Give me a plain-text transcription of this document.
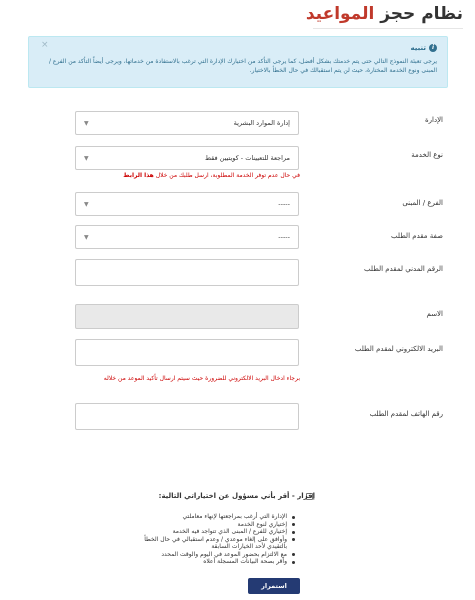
نظام حجز المواعيد
i
تنبيه
يرجى تعبئة النموذج التالي حتى يتم خدمتك بشكل أفضل، كما يرجى التأكد من اختيارك الإدارة التي ترغب بالاستفادة من خدماتها، ويرجى أيضاً التأكد من الفرع / المبنى ونوع الخدمة المختارة، حيث لن يتم استقبالك في حال الخطأ بالاختيار.
×
الإدارة
إدارة الموارد البشرية
▼
نوع الخدمة
مراجعة للتعيينات - كويتيين فقط
▼
في حال عدم توفر الخدمة المطلوبة، ارسل طلبك من خلال هذا الرابط
الفرع / المبنى
-----
▼
صفة مقدم الطلب
-----
▼
الرقم المدني لمقدم الطلب
الاسم
البريد الالكتروني لمقدم الطلب
برجاء ادخال البريد الالكتروني للضرورة حيث سيتم ارسال تأكيد الموعد من خلاله
رقم الهاتف لمقدم الطلب
إقرار - أقر بأني مسؤول عن اختياراتي التالية:
الإدارة التي أرغب بمراجعتها لإنهاء معاملتي
إختياري لنوع الخدمة
إختياري للفرع / المبنى الذي تتواجد فيه الخدمة
وأوافق على إلغاء موعدي / وعدم استقبالي في حال الخطأ بالتقيدي لأحد الخيارات السابقة
مع الالتزام بحضور الموعد في اليوم والوقت المحدد
وأقر بصحة البيانات المسجلة أعلاه
استمرار
